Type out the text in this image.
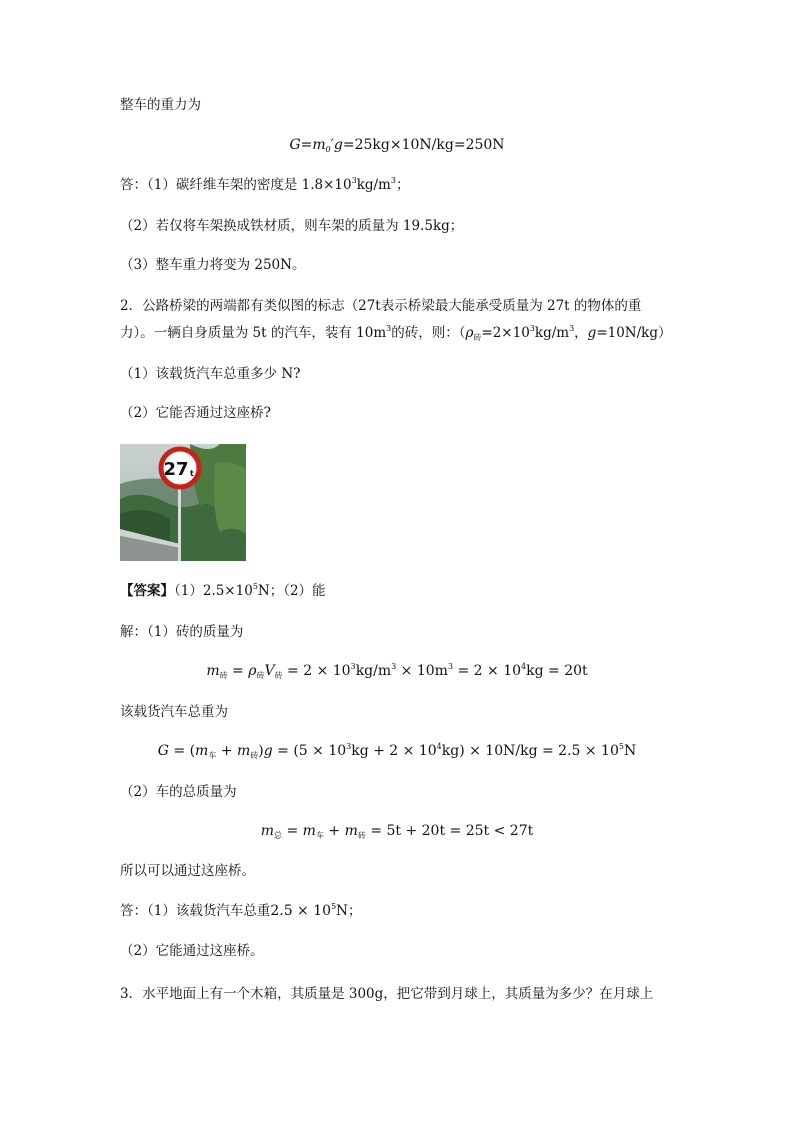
整车的重力为
$G=m_0'g=25kg\times 10N/kg=250N$
答：（1）碳纤维车架的密度是 $1.8\times 10^3kg/m^3$；
（2）若仅将车架换成铁材质，则车架的质量为 19.5kg；
（3）整车重力将变为 250N。
2．公路桥梁的两端都有类似图的标志（27t表示桥梁最大能承受质量为 27t 的物体的重
力）。一辆自身质量为 5t 的汽车，装有 $10m^3$的砖，则：（$\rho_砖=2\times 10^3kg/m^3$，g=10N/kg）
（1）该载货汽车总重多少 N?
（2）它能否通过这座桥?
27 t
【答案】$(1)2.5\times 10^5N$；（2）能
解：（1）砖的质量为
$m_砖 = \rho_砖V_砖 = 2 \times 10^3kg/m^3 \times 10m^3 = 2 \times 10^4kg = 20t$
该载货汽车总重为
$G = (m_车 + m_砖)g = (5 \times 10^3kg + 2 \times 10^4kg) \times 10N/kg = 2.5 \times 10^5N$
（2）车的总质量为
$m_总 = m_车 + m_砖 = 5t + 20t = 25t < 27t$
所以可以通过这座桥。
答：（1）该载货汽车总重$2.5 \times 10^5N$；
（2）它能通过这座桥。
3．水平地面上有一个木箱，其质量是 300g，把它带到月球上，其质量为多少？在月球上
